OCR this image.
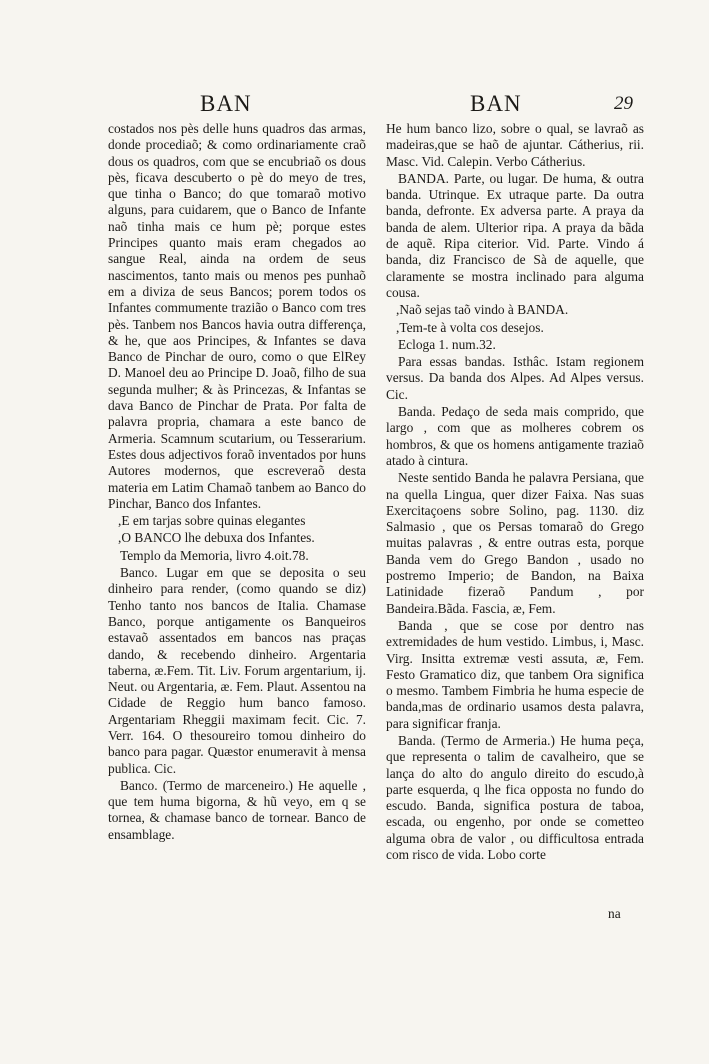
BAN	BAN	29

costados nos pès delle huns quadros das armas, donde procediaõ; & como ordinariamente craõ dous os quadros, com que se encubriaõ os dous pès, ficava descuberto o pè do meyo de tres, que tinha o Banco; do que tomaraõ motivo alguns, para cuidarem, que o Banco de Infante naõ tinha mais ce hum pè; porque estes Principes quanto mais eram chegados ao sangue Real, ainda na ordem de seus nascimentos, tanto mais ou menos pes punhaõ em a diviza de seus Bancos; porem todos os Infantes commumente trazião o Banco com tres pès. Tanbem nos Bancos havia outra differença, & he, que aos Principes, & Infantes se dava Banco de Pinchar de ouro, como o que ElRey D. Manoel deu ao Principe D. Joaõ, filho de sua segunda mulher; & às Princezas, & Infantas se dava Banco de Pinchar de Prata. Por falta de palavra propria, chamara a este banco de Armeria. Scamnum scutarium, ou Tesserarium. Estes dous adjectivos foraõ inventados por huns Autores modernos, que escreveraõ desta materia em Latim Chamaõ tanbem ao Banco do Pinchar, Banco dos Infantes.

,E em tarjas sobre quinas elegantes

,O BANCO lhe debuxa dos Infantes.

Templo da Memoria, livro 4.oit.78.

Banco. Lugar em que se deposita o seu dinheiro para render, (como quando se diz) Tenho tanto nos bancos de Italia. Chamase Banco, porque antigamente os Banqueiros estavaõ assentados em bancos nas praças dando, & recebendo dinheiro. Argentaria taberna, æ.Fem. Tit. Liv. Forum argentarium, ij. Neut. ou Argentaria, æ. Fem. Plaut. Assentou na Cidade de Reggio hum banco famoso. Argentariam Rheggii maximam fecit. Cic. 7. Verr. 164. O thesoureiro tomou dinheiro do banco para pagar. Quæstor enumeravit à mensa publica. Cic.

Banco. (Termo de marceneiro.) He aquelle , que tem huma bigorna, & hũ veyo, em q se tornea, & chamase banco de tornear. Banco de ensamblage.

He hum banco lizo, sobre o qual, se lavraõ as madeiras,que se haõ de ajuntar. Cátherius, rii. Masc. Vid. Calepin. Verbo Cátherius.

BANDA. Parte, ou lugar. De huma, & outra banda. Utrinque. Ex utraque parte. Da outra banda, defronte. Ex adversa parte. A praya da banda de alem. Ulterior ripa. A praya da bãda de aquẽ. Ripa citerior. Vid. Parte. Vindo á banda, diz Francisco de Sà de aquelle, que claramente se mostra inclinado para alguma cousa.

,Naõ sejas taõ vindo à BANDA.

,Tem-te à volta cos desejos.

Ecloga 1. num.32.

Para essas bandas. Isthâc. Istam regionem versus. Da banda dos Alpes. Ad Alpes versus. Cic.

Banda. Pedaço de seda mais comprido, que largo , com que as molheres cobrem os hombros, & que os homens antigamente traziaõ atado à cintura.

Neste sentido Banda he palavra Persiana, que na quella Lingua, quer dizer Faixa. Nas suas Exercitaçoens sobre Solino, pag. 1130. diz Salmasio , que os Persas tomaraõ do Grego muitas palavras , & entre outras esta, porque Banda vem do Grego Bandon , usado no postremo Imperio; de Bandon, na Baixa Latinidade fizeraõ Pandum , por Bandeira.Bãda. Fascia, æ, Fem.

Banda , que se cose por dentro nas extremidades de hum vestido. Limbus, i, Masc. Virg. Insitta extremæ vesti assuta, æ, Fem. Festo Gramatico diz, que tanbem Ora significa o mesmo. Tambem Fimbria he huma especie de banda,mas de ordinario usamos desta palavra, para significar franja.

Banda. (Termo de Armeria.) He huma peça, que representa o talim de cavalheiro, que se lança do alto do angulo direito do escudo,à parte esquerda, q lhe fica opposta no fundo do escudo. Banda, significa postura de taboa, escada, ou engenho, por onde se cometteo alguma obra de valor , ou difficultosa entrada com risco de vida. Lobo corte

na
